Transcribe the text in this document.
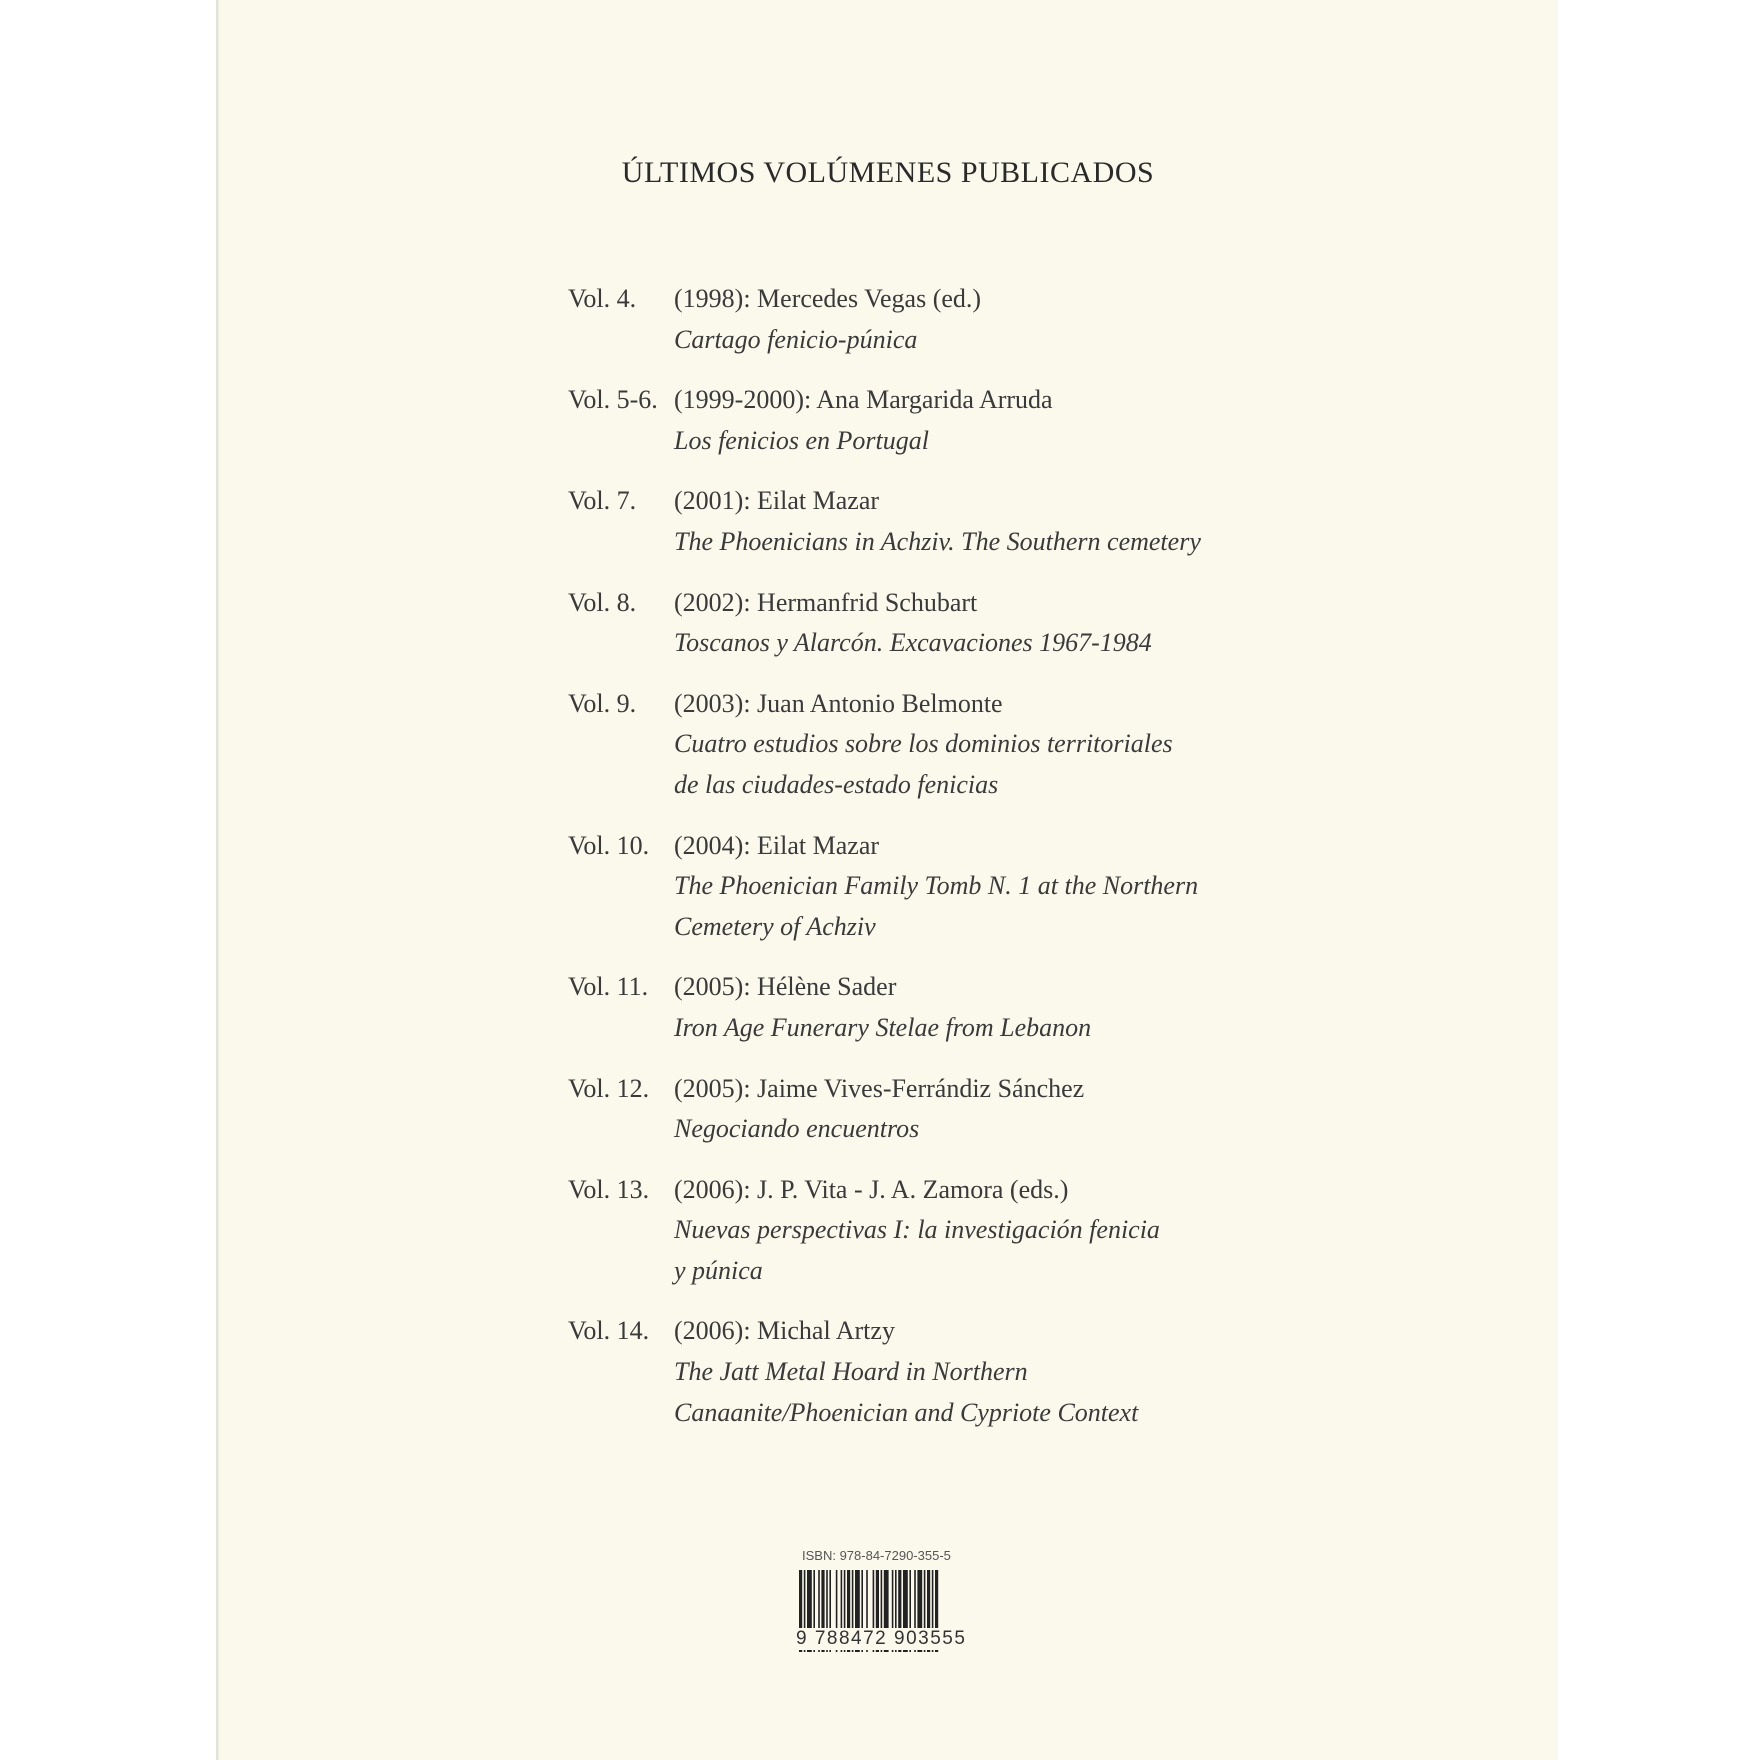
ÚLTIMOS VOLÚMENES PUBLICADOS
Vol. 4.	(1998): Mercedes Vegas (ed.)
Cartago fenicio-púnica
Vol. 5-6. (1999-2000): Ana Margarida Arruda
Los fenicios en Portugal
Vol. 7.	(2001): Eilat Mazar
The Phoenicians in Achziv. The Southern cemetery
Vol. 8.	(2002): Hermanfrid Schubart
Toscanos y Alarcón. Excavaciones 1967-1984
Vol. 9.	(2003): Juan Antonio Belmonte
Cuatro estudios sobre los dominios territoriales
de las ciudades-estado fenicias
Vol. 10. (2004): Eilat Mazar
The Phoenician Family Tomb N. 1 at the Northern
Cemetery of Achziv
Vol. 11. (2005): Hélène Sader
Iron Age Funerary Stelae from Lebanon
Vol. 12. (2005): Jaime Vives-Ferrándiz Sánchez
Negociando encuentros
Vol. 13. (2006): J. P. Vita - J. A. Zamora (eds.)
Nuevas perspectivas I: la investigación fenicia
y púnica
Vol. 14. (2006): Michal Artzy
The Jatt Metal Hoard in Northern
Canaanite/Phoenician and Cypriote Context
ISBN: 978-84-7290-355-5
9 788472 903555
